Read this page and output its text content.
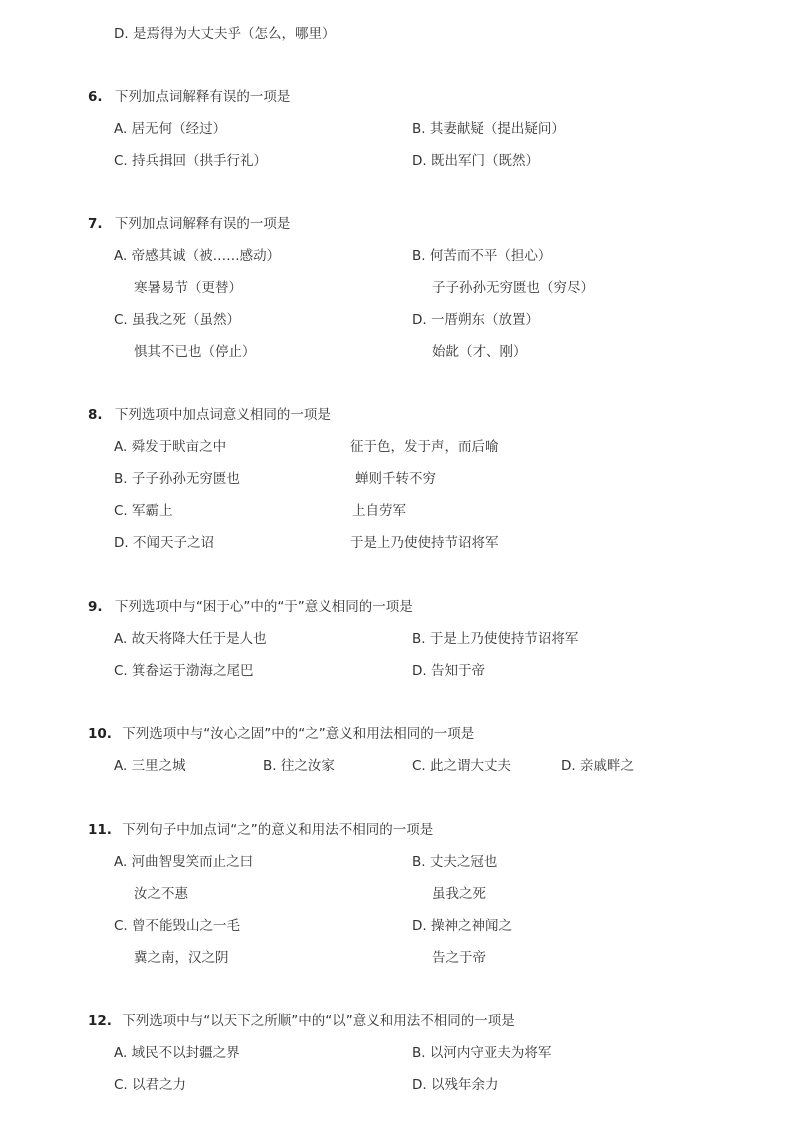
D. 是焉得为大丈夫乎（怎么，哪里）
6. 下列加点词解释有误的一项是
A. 居无何（经过）	B. 其妻献疑（提出疑问）
C. 持兵揖回（拱手行礼）	D. 既出军门（既然）
7. 下列加点词解释有误的一项是
A. 帝感其诚（被……感动）	B. 何苦而不平（担心）
寒暑易节（更替）	子子孙孙无穷匮也（穷尽）
C. 虽我之死（虽然）	D. 一厝朔东（放置）
惧其不已也（停止）	始龀（才、刚）
8. 下列选项中加点词意义相同的一项是
A. 舜发于畎亩之中	征于色，发于声，而后喻
B. 子子孙孙无穷匮也	蝉则千转不穷
C. 军霸上	上自劳军
D. 不闻天子之诏	于是上乃使使持节诏将军
9. 下列选项中与“困于心”中的“于”意义相同的一项是
A. 故天将降大任于是人也	B. 于是上乃使使持节诏将军
C. 箕畚运于渤海之尾巴	D. 告知于帝
10. 下列选项中与“汝心之固”中的“之”意义和用法相同的一项是
A. 三里之城	B. 往之汝家	C. 此之谓大丈夫	D. 亲戚畔之
11. 下列句子中加点词“之”的意义和用法不相同的一项是
A. 河曲智叟笑而止之曰	B. 丈夫之冠也
汝之不惠	虽我之死
C. 曾不能毁山之一毛	D. 操神之神闻之
冀之南，汉之阴	告之于帝
12. 下列选项中与“以天下之所顺”中的“以”意义和用法不相同的一项是
A. 域民不以封疆之界	B. 以河内守亚夫为将军
C. 以君之力	D. 以残年余力
